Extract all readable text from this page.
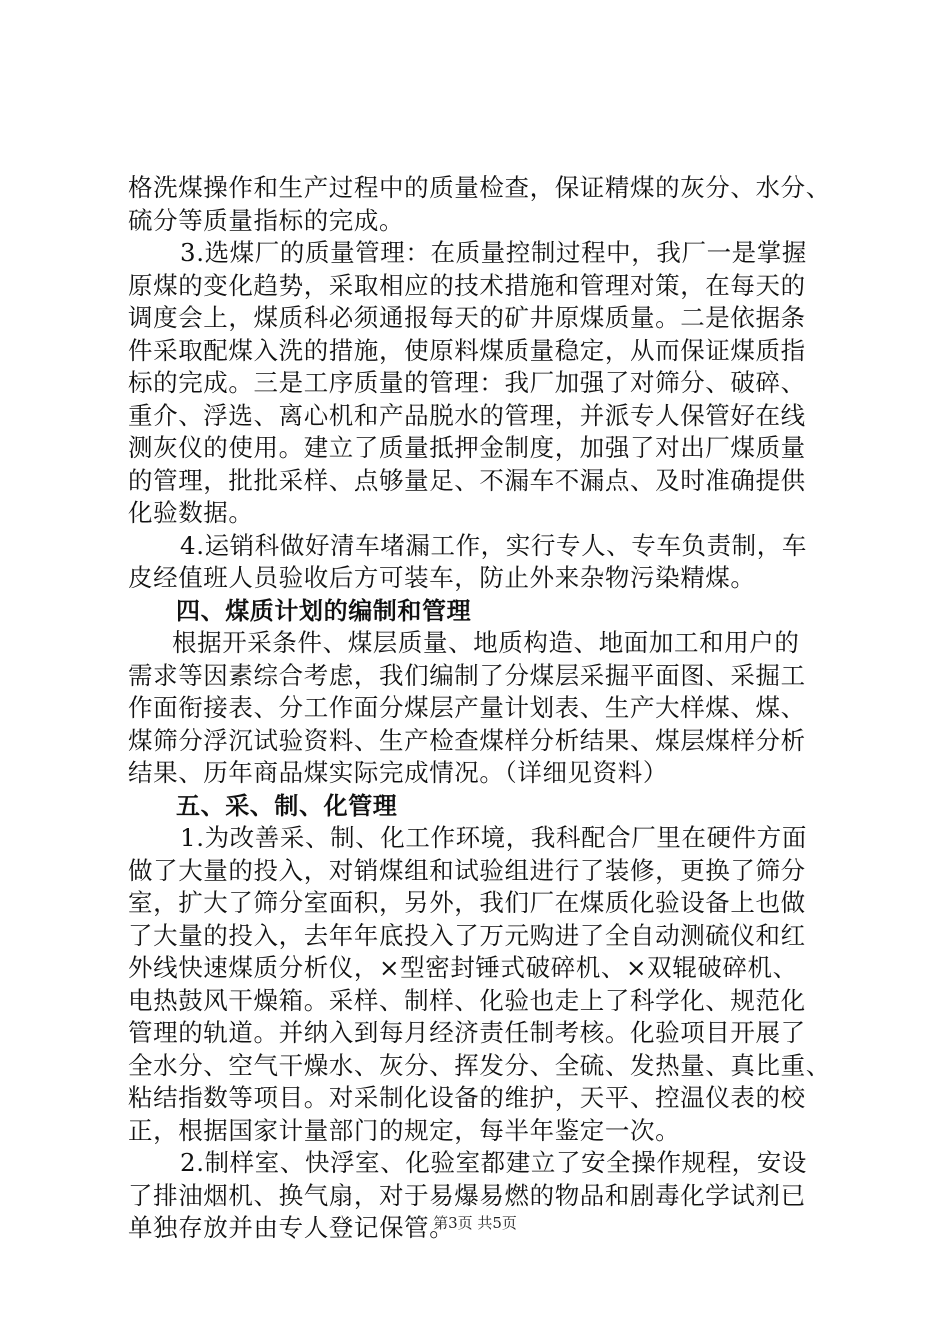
格洗煤操作和生产过程中的质量检查，保证精煤的灰分、水分、
硫分等质量指标的完成。
3.选煤厂的质量管理：在质量控制过程中，我厂一是掌握
原煤的变化趋势，采取相应的技术措施和管理对策，在每天的
调度会上，煤质科必须通报每天的矿井原煤质量。二是依据条
件采取配煤入洗的措施，使原料煤质量稳定，从而保证煤质指
标的完成。三是工序质量的管理：我厂加强了对筛分、破碎、
重介、浮选、离心机和产品脱水的管理，并派专人保管好在线
测灰仪的使用。建立了质量抵押金制度，加强了对出厂煤质量
的管理，批批采样、点够量足、不漏车不漏点、及时准确提供
化验数据。
4.运销科做好清车堵漏工作，实行专人、专车负责制，车
皮经值班人员验收后方可装车，防止外来杂物污染精煤。
四、煤质计划的编制和管理
根据开采条件、煤层质量、地质构造、地面加工和用户的
需求等因素综合考虑，我们编制了分煤层采掘平面图、采掘工
作面衔接表、分工作面分煤层产量计划表、生产大样煤、煤、
煤筛分浮沉试验资料、生产检查煤样分析结果、煤层煤样分析
结果、历年商品煤实际完成情况。（详细见资料）
五、采、制、化管理
1.为改善采、制、化工作环境，我科配合厂里在硬件方面
做了大量的投入，对销煤组和试验组进行了装修，更换了筛分
室，扩大了筛分室面积，另外，我们厂在煤质化验设备上也做
了大量的投入，去年年底投入了万元购进了全自动测硫仪和红
外线快速煤质分析仪，×型密封锤式破碎机、×双辊破碎机、
电热鼓风干燥箱。采样、制样、化验也走上了科学化、规范化
管理的轨道。并纳入到每月经济责任制考核。化验项目开展了
全水分、空气干燥水、灰分、挥发分、全硫、发热量、真比重、
粘结指数等项目。对采制化设备的维护，天平、控温仪表的校
正，根据国家计量部门的规定，每半年鉴定一次。
2.制样室、快浮室、化验室都建立了安全操作规程，安设
了排油烟机、换气扇，对于易爆易燃的物品和剧毒化学试剂已
单独存放并由专人登记保管。
第3页 共5页
